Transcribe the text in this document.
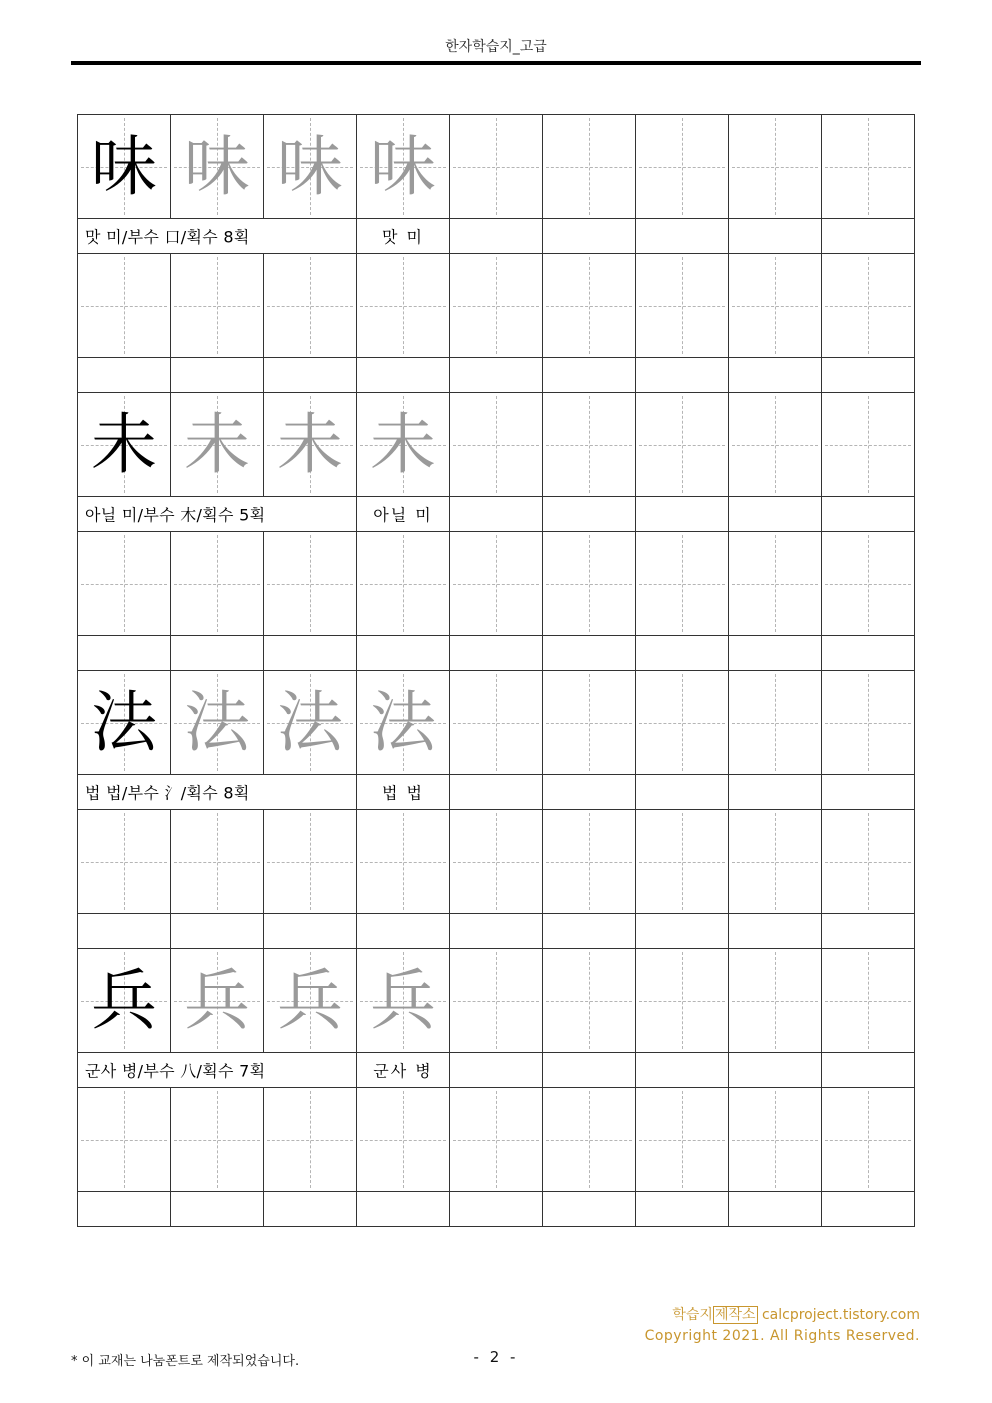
한자학습지_고급
味	味	味	味					

맛 미/부수 口/획수 8획			맛 미					

未	未	未	未					

아닐 미/부수 木/획수 5획			아닐 미					

法	法	法	法					

법 법/부수 氵/획수 8획			법 법					

兵	兵	兵	兵					

군사 병/부수 八/획수 7획			군사 병					

학습지 제작소 calcproject.tistory.com
Copyright 2021. All Rights Reserved.
* 이 교재는 나눔폰트로 제작되었습니다.	- 2 -
